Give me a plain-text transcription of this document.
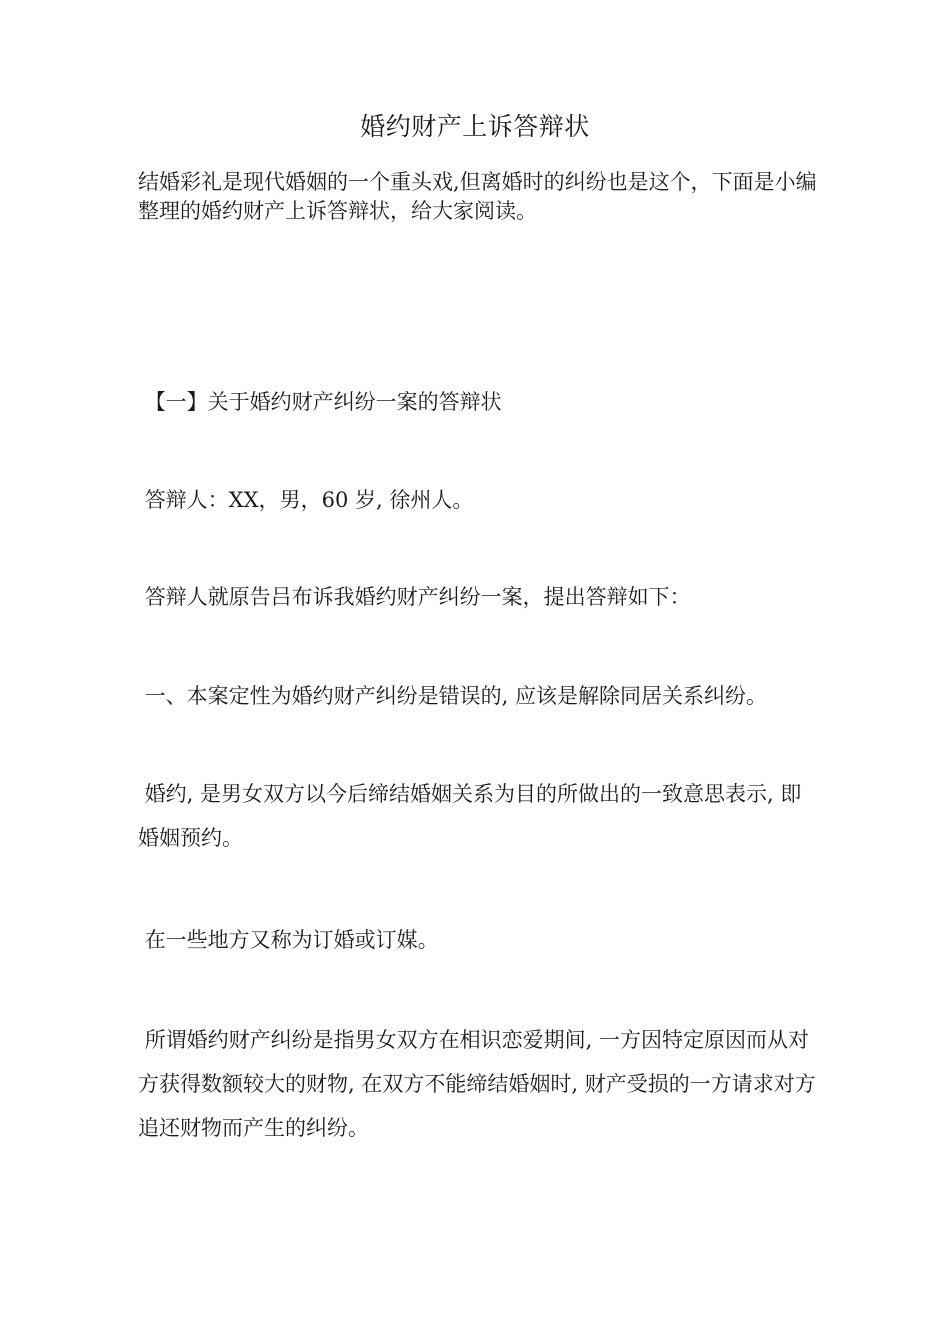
婚约财产上诉答辩状

结婚彩礼是现代婚姻的一个重头戏,但离婚时的纠纷也是这个，下面是小编整理的婚约财产上诉答辩状，给大家阅读。

【一】关于婚约财产纠纷一案的答辩状

答辩人：XX，男，60 岁, 徐州人。

答辩人就原告吕布诉我婚约财产纠纷一案，提出答辩如下：

一、本案定性为婚约财产纠纷是错误的, 应该是解除同居关系纠纷。

婚约, 是男女双方以今后缔结婚姻关系为目的所做出的一致意思表示, 即婚姻预约。

在一些地方又称为订婚或订媒。

所谓婚约财产纠纷是指男女双方在相识恋爱期间, 一方因特定原因而从对方获得数额较大的财物, 在双方不能缔结婚姻时, 财产受损的一方请求对方追还财物而产生的纠纷。
